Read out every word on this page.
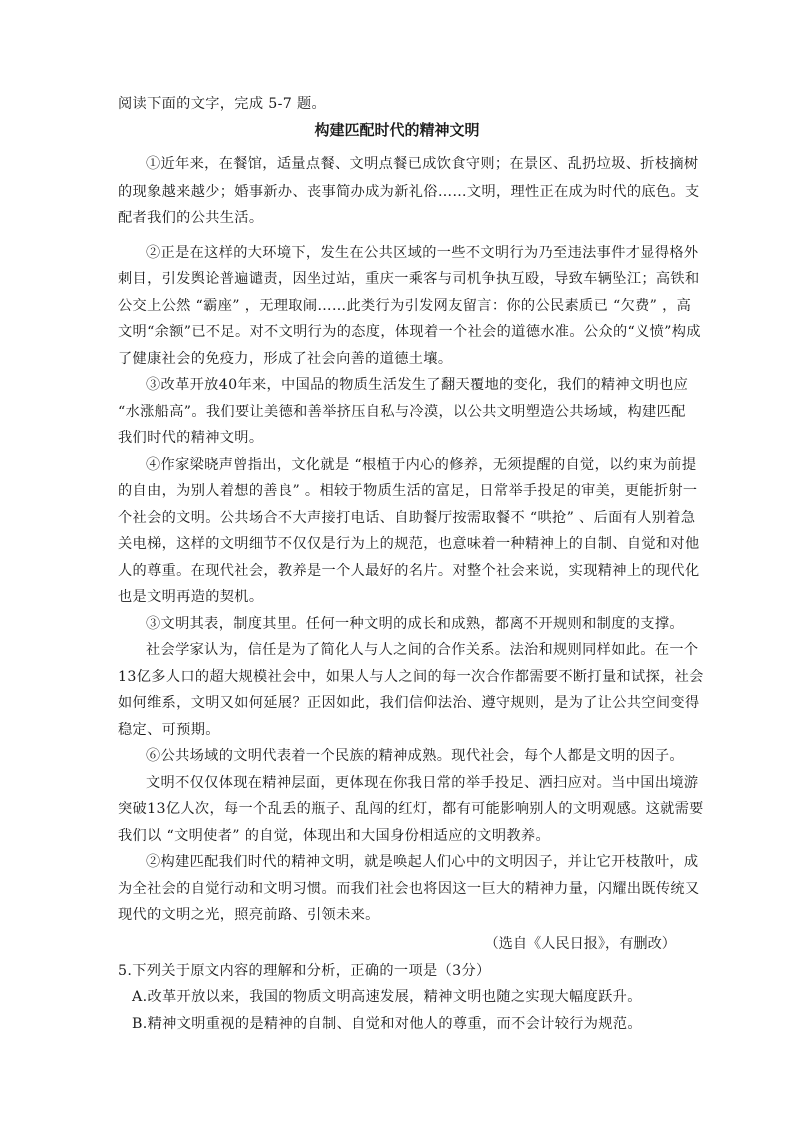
阅读下面的文字，完成 5-7 题。
构建匹配时代的精神文明
①近年来，在餐馆，适量点餐、文明点餐已成饮食守则；在景区、乱扔垃圾、折枝摘树
的现象越来越少；婚事新办、丧事简办成为新礼俗……文明，理性正在成为时代的底色。支
配者我们的公共生活。
②正是在这样的大环境下，发生在公共区域的一些不文明行为乃至违法事件才显得格外
刺目，引发舆论普遍谴责，因坐过站，重庆一乘客与司机争执互殴，导致车辆坠江；高铁和
公交上公然 “霸座” ，无理取闹……此类行为引发网友留言：你的公民素质已 “欠费” ，高
文明“余额”已不足。对不文明行为的态度，体现着一个社会的道德水准。公众的“义愤”构成
了健康社会的免疫力，形成了社会向善的道德土壤。
③改革开放40年来，中国品的物质生活发生了翻天覆地的变化，我们的精神文明也应
“水涨船高”。我们要让美德和善举挤压自私与冷漠，以公共文明塑造公共场域，构建匹配
我们时代的精神文明。
④作家梁晓声曾指出，文化就是 “根植于内心的修养，无须提醒的自觉，以约束为前提
的自由，为别人着想的善良” 。相较于物质生活的富足，日常举手投足的审美，更能折射一
个社会的文明。公共场合不大声接打电话、自助餐厅按需取餐不 “哄抢” 、后面有人别着急
关电梯，这样的文明细节不仅仅是行为上的规范，也意味着一种精神上的自制、自觉和对他
人的尊重。在现代社会，教养是一个人最好的名片。对整个社会来说，实现精神上的现代化
也是文明再造的契机。
③文明其表，制度其里。任何一种文明的成长和成熟，都离不开规则和制度的支撑。
社会学家认为，信任是为了简化人与人之间的合作关系。法治和规则同样如此。在一个
13亿多人口的超大规模社会中，如果人与人之间的每一次合作都需要不断打量和试探，社会
如何维系，文明又如何延展？正因如此，我们信仰法治、遵守规则，是为了让公共空间变得
稳定、可预期。
⑥公共场域的文明代表着一个民族的精神成熟。现代社会，每个人都是文明的因子。
文明不仅仅体现在精神层面，更体现在你我日常的举手投足、洒扫应对。当中国出境游
突破13亿人次，每一个乱丢的瓶子、乱闯的红灯，都有可能影响别人的文明观感。这就需要
我们以 “文明使者” 的自觉，体现出和大国身份相适应的文明教养。
②构建匹配我们时代的精神文明，就是唤起人们心中的文明因子，并让它开枝散叶，成
为全社会的自觉行动和文明习惯。而我们社会也将因这一巨大的精神力量，闪耀出既传统又
现代的文明之光，照亮前路、引领未来。
（选自《人民日报》，有删改）
5.下列关于原文内容的理解和分析，正确的一项是（3分）
A.改革开放以来，我国的物质文明高速发展，精神文明也随之实现大幅度跃升。
B.精神文明重视的是精神的自制、自觉和对他人的尊重，而不会计较行为规范。
